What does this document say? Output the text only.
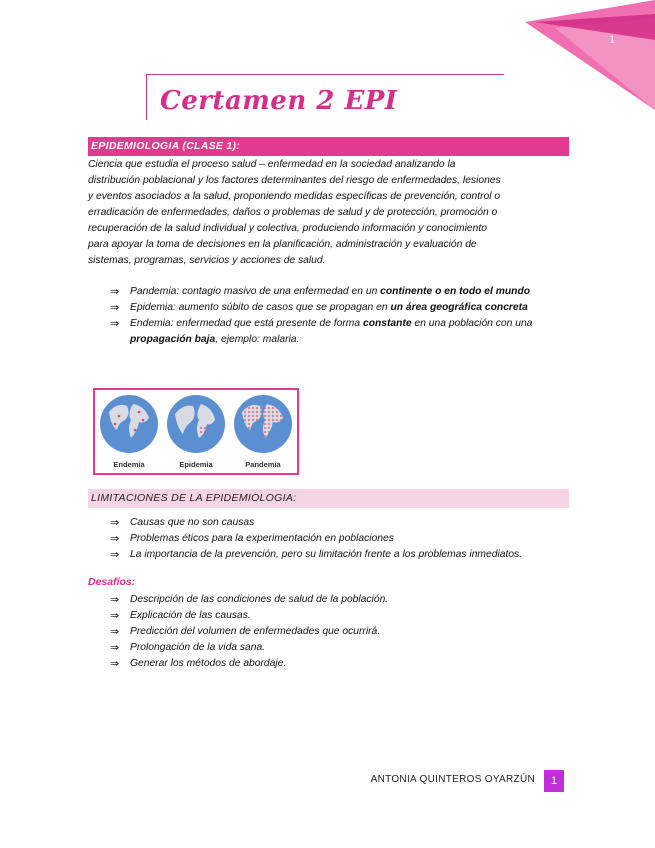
1
Certamen 2 EPI
EPIDEMIOLOGIA (CLASE 1):

Ciencia que estudia el proceso salud – enfermedad en la sociedad analizando la
distribución poblacional y los factores determinantes del riesgo de enfermedades, lesiones
y eventos asociados a la salud, proponiendo medidas específicas de prevención, control o
erradicación de enfermedades, daños o problemas de salud y de protección, promoción o
recuperación de la salud individual y colectiva, produciendo información y conocimiento
para apoyar la toma de decisiones en la planificación, administración y evaluación de
sistemas, programas, servicios y acciones de salud.

⇒ Pandemia: contagio masivo de una enfermedad en un continente o en todo el mundo
⇒ Epidemia: aumento súbito de casos que se propagan en un área geográfica concreta
⇒ Endemia: enfermedad que está presente de forma constante en una población con una propagación baja, ejemplo: malaria.
Endemia	Epidemia	Pandemia
LIMITACIONES DE LA EPIDEMIOLOGIA:
⇒ Causas que no son causas
⇒ Problemas éticos para la experimentación en poblaciones
⇒ La importancia de la prevención, pero su limitación frente a los problemas inmediatos.
Desafíos:
⇒ Descripción de las condiciones de salud de la población.
⇒ Explicación de las causas.
⇒ Predicción del volumen de enfermedades que ocurrirá.
⇒ Prolongación de la vida sana.
⇒ Generar los métodos de abordaje.
ANTONIA QUINTEROS OYARZÚN	1
